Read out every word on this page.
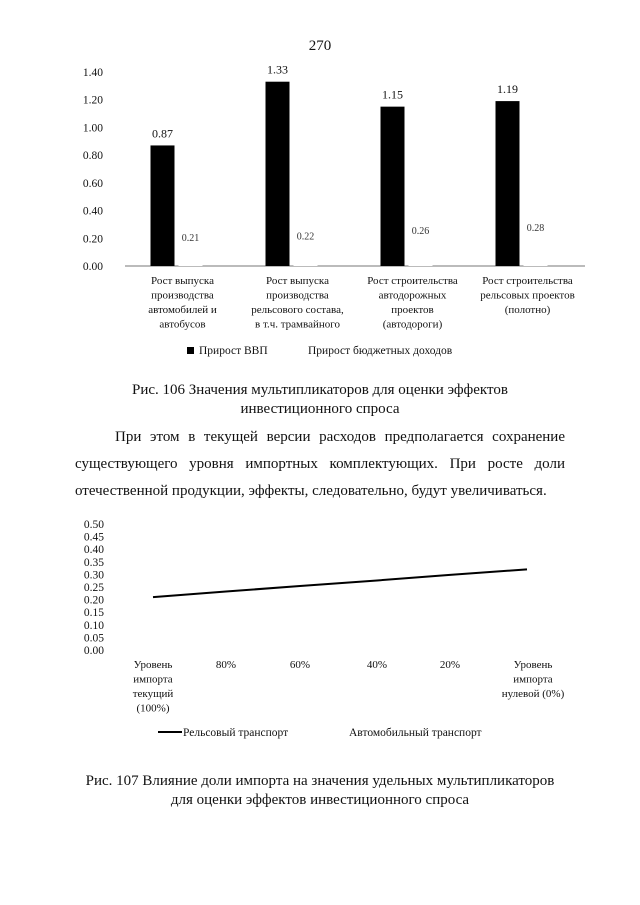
270
0.00
0.20
0.40
0.60
0.80
1.00
1.20
1.40
0.87
0.21
Рост выпуска
производства
автомобилей и
автобусов
1.33
0.22
Рост выпуска
производства
рельсового состава,
в т.ч. трамвайного
1.15
0.26
Рост строительства
автодорожных
проектов
(автодороги)
1.19
0.28
Рост строительства
рельсовых проектов
(полотно)
Прирост ВВП	Прирост бюджетных доходов
Рис. 106 Значения мультипликаторов для оценки эффектов
инвестиционного спроса
При этом в текущей версии расходов предполагается сохранение существующего уровня импортных комплектующих. При росте доли отечественной продукции, эффекты, следовательно, будут увеличиваться.
0.00
0.05
0.10
0.15
0.20
0.25
0.30
0.35
0.40
0.45
0.50
Уровень
импорта
текущий
(100%)
80%	60%	40%	20%	Уровень
импорта
нулевой (0%)
Рельсовый транспорт	Автомобильный транспорт
Рис. 107 Влияние доли импорта на значения удельных мультипликаторов
для оценки эффектов инвестиционного спроса
